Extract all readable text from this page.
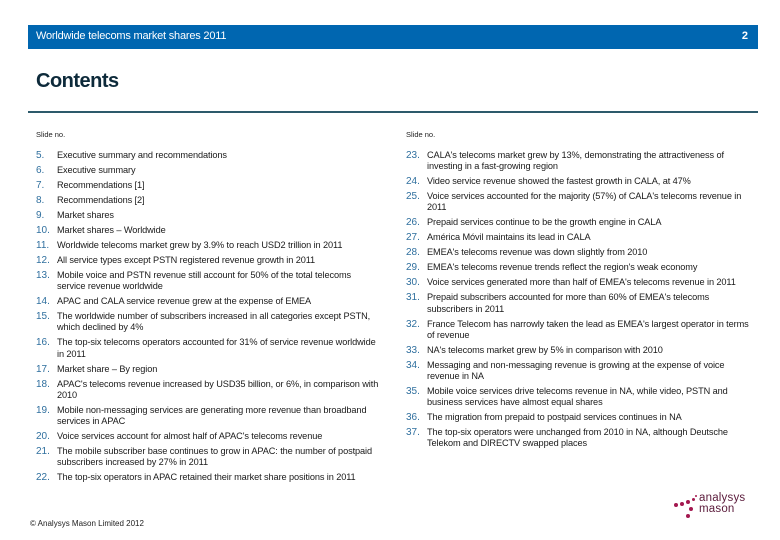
Worldwide telecoms market shares 2011	2
Contents
Slide no.	Slide no.
5.	Executive summary and recommendations
6.	Executive summary
7.	Recommendations [1]
8.	Recommendations [2]
9.	Market shares
10. Market shares – Worldwide
11. Worldwide telecoms market grew by 3.9% to reach USD2 trillion in 2011
12. All service types except PSTN registered revenue growth in 2011
13. Mobile voice and PSTN revenue still account for 50% of the total telecoms service revenue worldwide
14. APAC and CALA service revenue grew at the expense of EMEA
15. The worldwide number of subscribers increased in all categories except PSTN, which declined by 4%
16. The top-six telecoms operators accounted for 31% of service revenue worldwide in 2011
17. Market share – By region
18. APAC's telecoms revenue increased by USD35 billion, or 6%, in comparison with 2010
19. Mobile non-messaging services are generating more revenue than broadband services in APAC
20. Voice services account for almost half of APAC's telecoms revenue
21. The mobile subscriber base continues to grow in APAC: the number of postpaid subscribers increased by 27% in 2011
22. The top-six operators in APAC retained their market share positions in 2011
23. CALA's telecoms market grew by 13%, demonstrating the attractiveness of investing in a fast-growing region
24. Video service revenue showed the fastest growth in CALA, at 47%
25. Voice services accounted for the majority (57%) of CALA's telecoms revenue in 2011
26. Prepaid services continue to be the growth engine in CALA
27. América Móvil maintains its lead in CALA
28. EMEA's telecoms revenue was down slightly from 2010
29. EMEA's telecoms revenue trends reflect the region's weak economy
30. Voice services generated more than half of EMEA's telecoms revenue in 2011
31. Prepaid subscribers accounted for more than 60% of EMEA's telecoms subscribers in 2011
32. France Telecom has narrowly taken the lead as EMEA's largest operator in terms of revenue
33. NA's telecoms market grew by 5% in comparison with 2010
34. Messaging and non-messaging revenue is growing at the expense of voice revenue in NA
35. Mobile voice services drive telecoms revenue in NA, while video, PSTN and business services have almost equal shares
36. The migration from prepaid to postpaid services continues in NA
37. The top-six operators were unchanged from 2010 in NA, although Deutsche Telekom and DIRECTV swapped places
© Analysys Mason Limited 2012
analysys
mason
